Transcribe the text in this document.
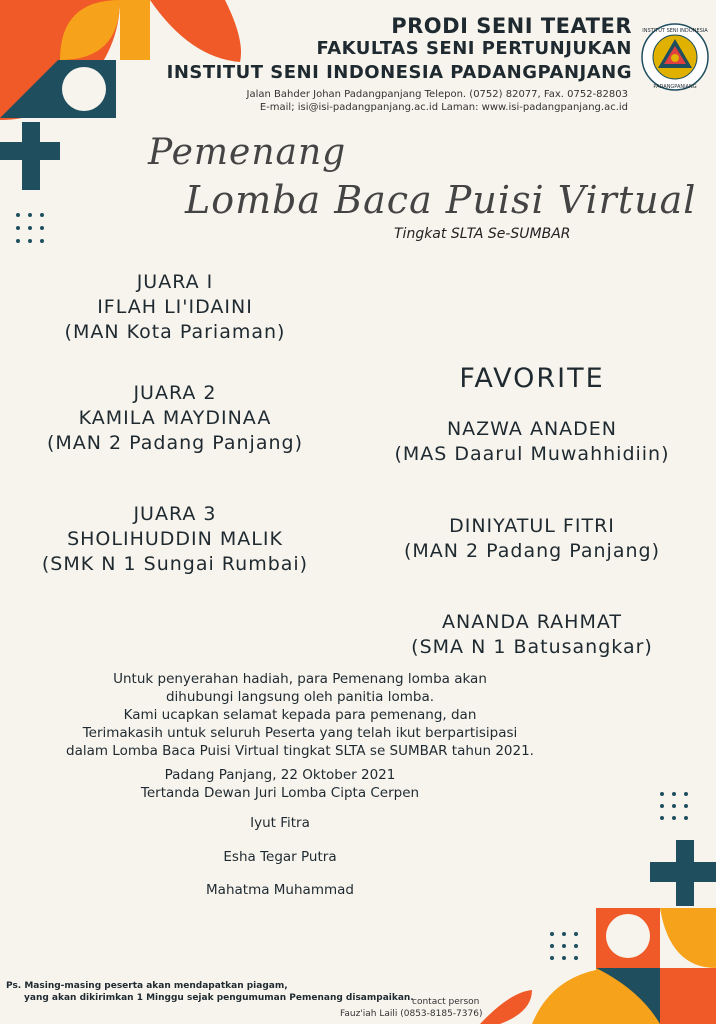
PRODI SENI TEATER
FAKULTAS SENI PERTUNJUKAN
INSTITUT SENI INDONESIA PADANGPANJANG
Jalan Bahder Johan Padangpanjang Telepon. (0752) 82077, Fax. 0752-82803
E-mail; isi@isi-padangpanjang.ac.id Laman: www.isi-padangpanjang.ac.id
INSTITUT SENI INDONESIA
PADANGPANJANG
Pemenang
Lomba Baca Puisi Virtual
Tingkat SLTA Se-SUMBAR
JUARA I
IFLAH LI'IDAINI
(MAN Kota Pariaman)
JUARA 2
KAMILA MAYDINAA
(MAN 2 Padang Panjang)
JUARA 3
SHOLIHUDDIN MALIK
(SMK N 1 Sungai Rumbai)
FAVORITE
NAZWA ANADEN
(MAS Daarul Muwahhidiin)
DINIYATUL FITRI
(MAN 2 Padang Panjang)
ANANDA RAHMAT
(SMA N 1 Batusangkar)
Untuk penyerahan hadiah, para Pemenang lomba akan
dihubungi langsung oleh panitia lomba.
Kami ucapkan selamat kepada para pemenang, dan
Terimakasih untuk seluruh Peserta yang telah ikut berpartisipasi
dalam Lomba Baca Puisi Virtual tingkat SLTA se SUMBAR tahun 2021.
Padang Panjang, 22 Oktober 2021
Tertanda Dewan Juri Lomba Cipta Cerpen
Iyut Fitra
Esha Tegar Putra
Mahatma Muhammad
Ps. Masing-masing peserta akan mendapatkan piagam,
yang akan dikirimkan 1 Minggu sejak pengumuman Pemenang disampaikan.
contact person
Fauz'iah Laili (0853-8185-7376)
